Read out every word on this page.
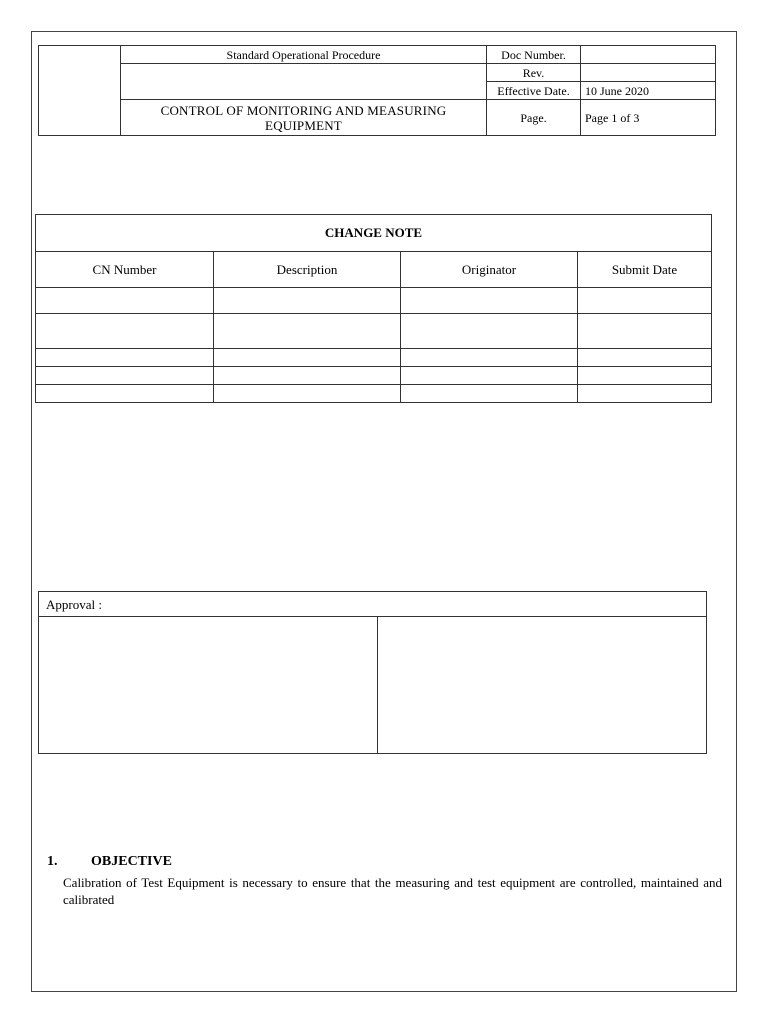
	Standard Operational Procedure	Doc Number.	
		Rev.	
		Effective Date.	10 June 2020
	CONTROL OF MONITORING AND MEASURING EQUIPMENT	Page.	Page 1 of 3
CHANGE NOTE			
CN Number	Description	Originator	Submit Date

Approval :
1.	OBJECTIVE
Calibration of Test Equipment is necessary to ensure that the measuring and test equipment are controlled, maintained and calibrated
